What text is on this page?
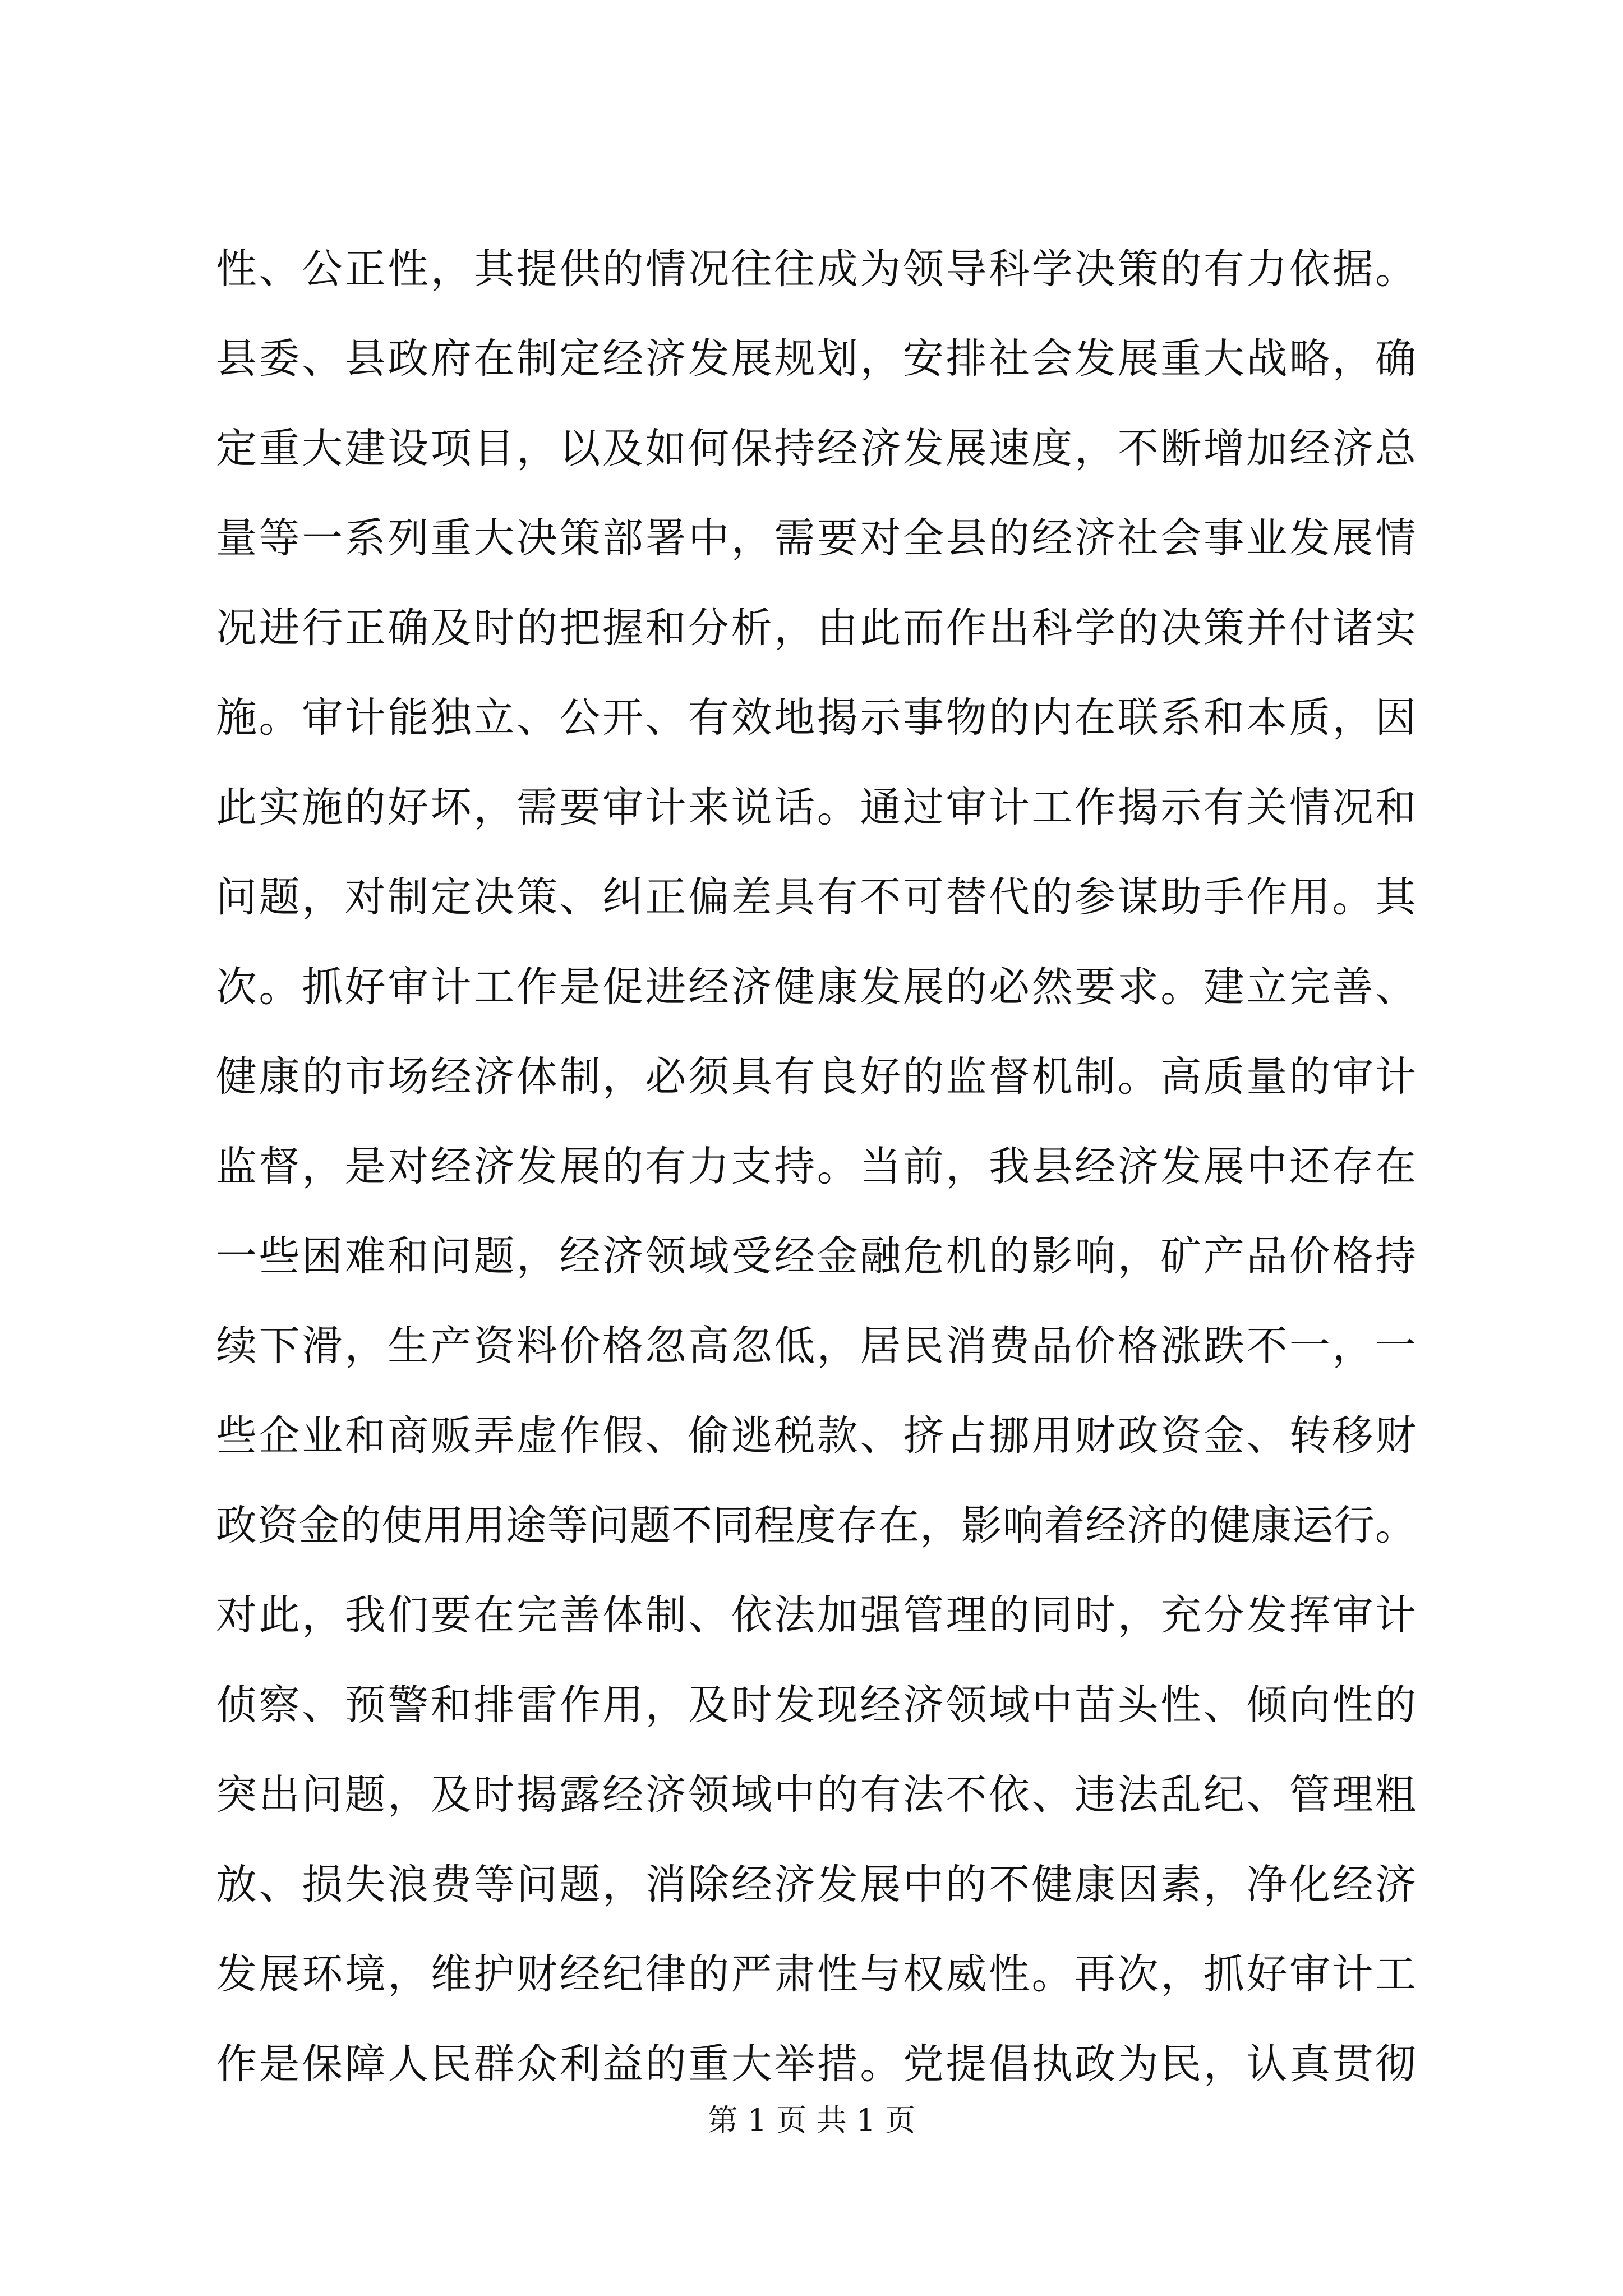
性、公正性，其提供的情况往往成为领导科学决策的有力依据。
县委、县政府在制定经济发展规划，安排社会发展重大战略，确
定重大建设项目，以及如何保持经济发展速度，不断增加经济总
量等一系列重大决策部署中，需要对全县的经济社会事业发展情
况进行正确及时的把握和分析，由此而作出科学的决策并付诸实
施。审计能独立、公开、有效地揭示事物的内在联系和本质，因
此实施的好坏，需要审计来说话。通过审计工作揭示有关情况和
问题，对制定决策、纠正偏差具有不可替代的参谋助手作用。其
次。抓好审计工作是促进经济健康发展的必然要求。建立完善、
健康的市场经济体制，必须具有良好的监督机制。高质量的审计
监督，是对经济发展的有力支持。当前，我县经济发展中还存在
一些困难和问题，经济领域受经金融危机的影响，矿产品价格持
续下滑，生产资料价格忽高忽低，居民消费品价格涨跌不一，一
些企业和商贩弄虚作假、偷逃税款、挤占挪用财政资金、转移财
政资金的使用用途等问题不同程度存在，影响着经济的健康运行。
对此，我们要在完善体制、依法加强管理的同时，充分发挥审计
侦察、预警和排雷作用，及时发现经济领域中苗头性、倾向性的
突出问题，及时揭露经济领域中的有法不依、违法乱纪、管理粗
放、损失浪费等问题，消除经济发展中的不健康因素，净化经济
发展环境，维护财经纪律的严肃性与权威性。再次，抓好审计工
作是保障人民群众利益的重大举措。党提倡执政为民，认真贯彻
第 1 页 共 1 页
